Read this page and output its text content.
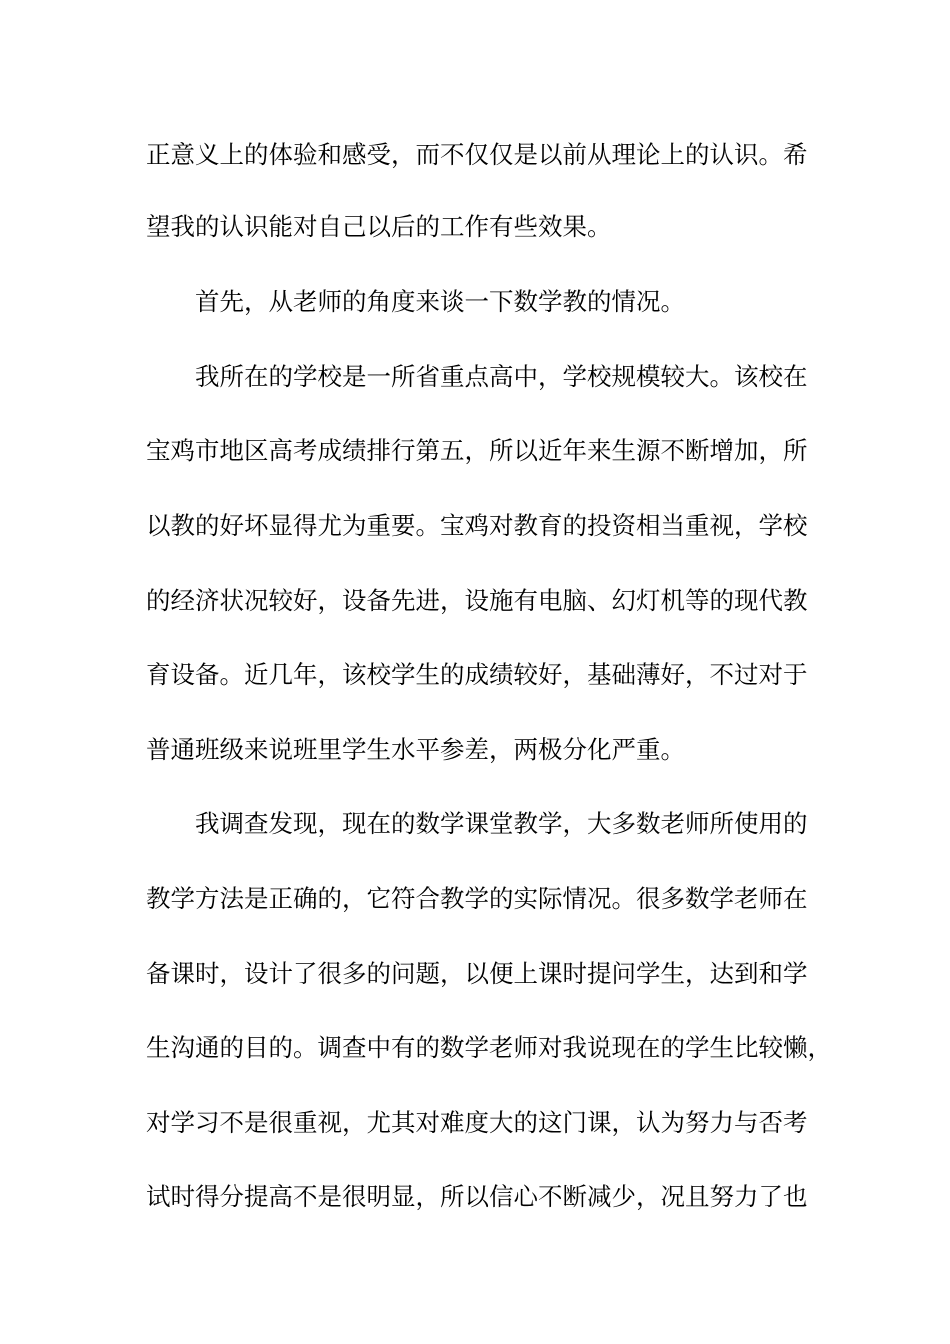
正意义上的体验和感受，而不仅仅是以前从理论上的认识。希

望我的认识能对自己以后的工作有些效果。

首先，从老师的角度来谈一下数学教的情况。

我所在的学校是一所省重点高中，学校规模较大。该校在

宝鸡市地区高考成绩排行第五，所以近年来生源不断增加，所

以教的好坏显得尤为重要。宝鸡对教育的投资相当重视，学校

的经济状况较好，设备先进，设施有电脑、幻灯机等的现代教

育设备。近几年，该校学生的成绩较好，基础薄好，不过对于

普通班级来说班里学生水平参差，两极分化严重。

我调查发现，现在的数学课堂教学，大多数老师所使用的

教学方法是正确的，它符合教学的实际情况。很多数学老师在

备课时，设计了很多的问题，以便上课时提问学生，达到和学

生沟通的目的。调查中有的数学老师对我说现在的学生比较懒，

对学习不是很重视，尤其对难度大的这门课，认为努力与否考

试时得分提高不是很明显，所以信心不断减少，况且努力了也
